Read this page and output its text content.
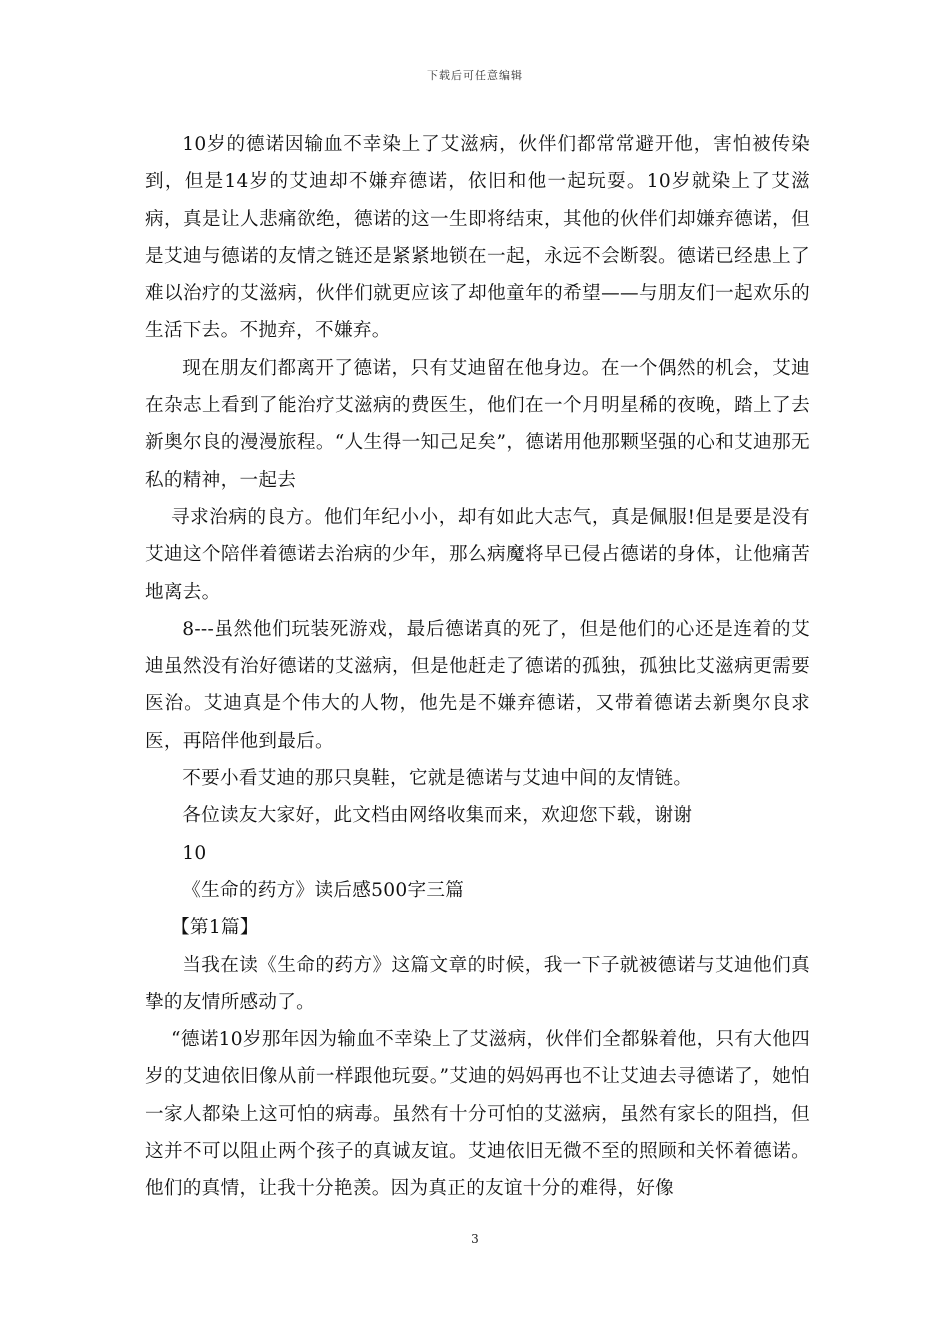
下载后可任意编辑

10岁的德诺因输血不幸染上了艾滋病，伙伴们都常常避开他，害怕被传染到，但是14岁的艾迪却不嫌弃德诺，依旧和他一起玩耍。10岁就染上了艾滋病，真是让人悲痛欲绝，德诺的这一生即将结束，其他的伙伴们却嫌弃德诺，但是艾迪与德诺的友情之链还是紧紧地锁在一起，永远不会断裂。德诺已经患上了难以治疗的艾滋病，伙伴们就更应该了却他童年的希望——与朋友们一起欢乐的生活下去。不抛弃，不嫌弃。

现在朋友们都离开了德诺，只有艾迪留在他身边。在一个偶然的机会，艾迪在杂志上看到了能治疗艾滋病的费医生，他们在一个月明星稀的夜晚，踏上了去新奥尔良的漫漫旅程。“人生得一知己足矣”，德诺用他那颗坚强的心和艾迪那无私的精神，一起去

寻求治病的良方。他们年纪小小，却有如此大志气，真是佩服!但是要是没有艾迪这个陪伴着德诺去治病的少年，那么病魔将早已侵占德诺的身体，让他痛苦地离去。

8---虽然他们玩装死游戏，最后德诺真的死了，但是他们的心还是连着的艾迪虽然没有治好德诺的艾滋病，但是他赶走了德诺的孤独，孤独比艾滋病更需要医治。艾迪真是个伟大的人物，他先是不嫌弃德诺，又带着德诺去新奥尔良求医，再陪伴他到最后。

不要小看艾迪的那只臭鞋，它就是德诺与艾迪中间的友情链。

各位读友大家好，此文档由网络收集而来，欢迎您下载，谢谢

10

《生命的药方》读后感500字三篇

【第1篇】

当我在读《生命的药方》这篇文章的时候，我一下子就被德诺与艾迪他们真挚的友情所感动了。

“德诺10岁那年因为输血不幸染上了艾滋病，伙伴们全都躲着他，只有大他四岁的艾迪依旧像从前一样跟他玩耍。”艾迪的妈妈再也不让艾迪去寻德诺了，她怕一家人都染上这可怕的病毒。虽然有十分可怕的艾滋病，虽然有家长的阻挡，但这并不可以阻止两个孩子的真诚友谊。艾迪依旧无微不至的照顾和关怀着德诺。他们的真情，让我十分艳羡。因为真正的友谊十分的难得，好像

3
